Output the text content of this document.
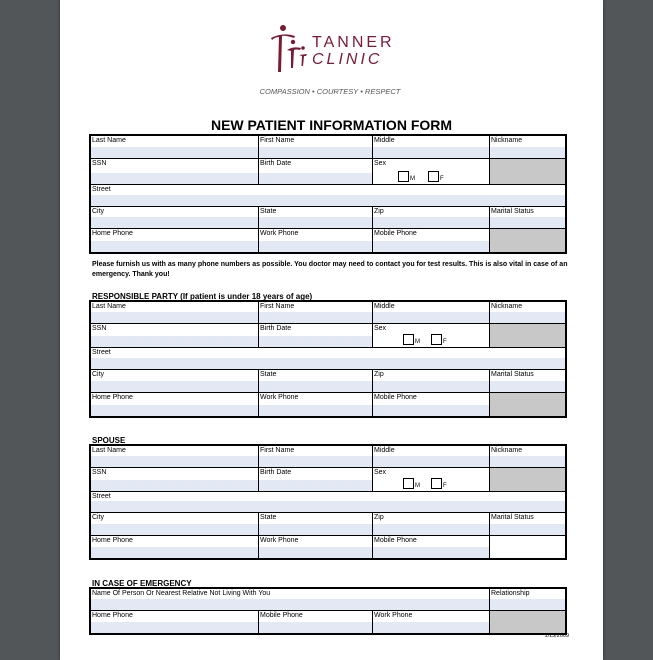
TANNER
CLINIC
COMPASSION • COURTESY • RESPECT
NEW PATIENT INFORMATION FORM
Last Name	First Name	Middle	Nickname
SSN	Birth Date	Sex
M	F
Street
City	State	Zip	Marital Status
Home Phone	Work Phone	Mobile Phone
Please furnish us with as many phone numbers as possible. You doctor may need to contact you for test results. This is also vital in case of an emergency. Thank you!
RESPONSIBLE PARTY (If patient is under 18 years of age)
Last Name	First Name	Middle	Nickname
SSN	Birth Date	Sex
M	F
Street
City	State	Zip	Marital Status
Home Phone	Work Phone	Mobile Phone
SPOUSE
Last Name	First Name	Middle	Nickname
SSN	Birth Date	Sex
M	F
Street
City	State	Zip	Marital Status
Home Phone	Work Phone	Mobile Phone
IN CASE OF EMERGENCY
Name Of Person Or Nearest Relative Not Living With You	Relationship
Home Phone	Mobile Phone	Work Phone
1/13/2009
